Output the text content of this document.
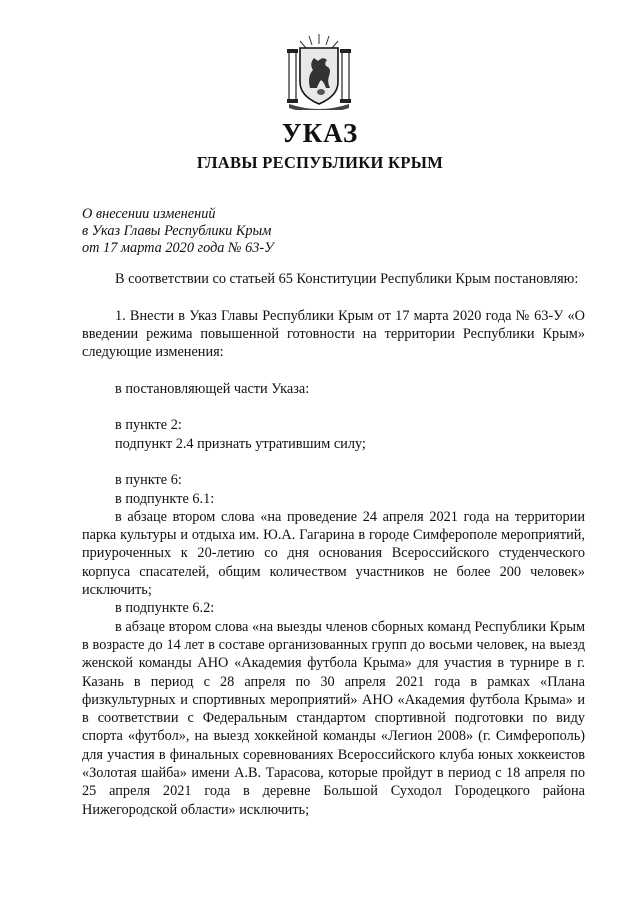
УКАЗ
ГЛАВЫ РЕСПУБЛИКИ КРЫМ
О внесении изменений
в Указ Главы Республики Крым
от 17 марта 2020 года № 63-У

В соответствии со статьей 65 Конституции Республики Крым постановляю:

1. Внести в Указ Главы Республики Крым от 17 марта 2020 года № 63-У «О введении режима повышенной готовности на территории Республики Крым» следующие изменения:

в постановляющей части Указа:

в пункте 2:

подпункт 2.4 признать утратившим силу;

в пункте 6:

в подпункте 6.1:

в абзаце втором слова «на проведение 24 апреля 2021 года на территории парка культуры и отдыха им. Ю.А. Гагарина в городе Симферополе мероприятий, приуроченных к 20-летию со дня основания Всероссийского студенческого корпуса спасателей, общим количеством участников не более 200 человек» исключить;

в подпункте 6.2:

в абзаце втором слова «на выезды членов сборных команд Республики Крым в возрасте до 14 лет в составе организованных групп до восьми человек, на выезд женской команды АНО «Академия футбола Крыма» для участия в турнире в г. Казань в период с 28 апреля по 30 апреля 2021 года в рамках «Плана физкультурных и спортивных мероприятий» АНО «Академия футбола Крыма» и в соответствии с Федеральным стандартом спортивной подготовки по виду спорта «футбол», на выезд хоккейной команды «Легион 2008» (г. Симферополь) для участия в финальных соревнованиях Всероссийского клуба юных хоккеистов «Золотая шайба» имени А.В. Тарасова, которые пройдут в период с 18 апреля по 25 апреля 2021 года в деревне Большой Суходол Городецкого района Нижегородской области» исключить;
